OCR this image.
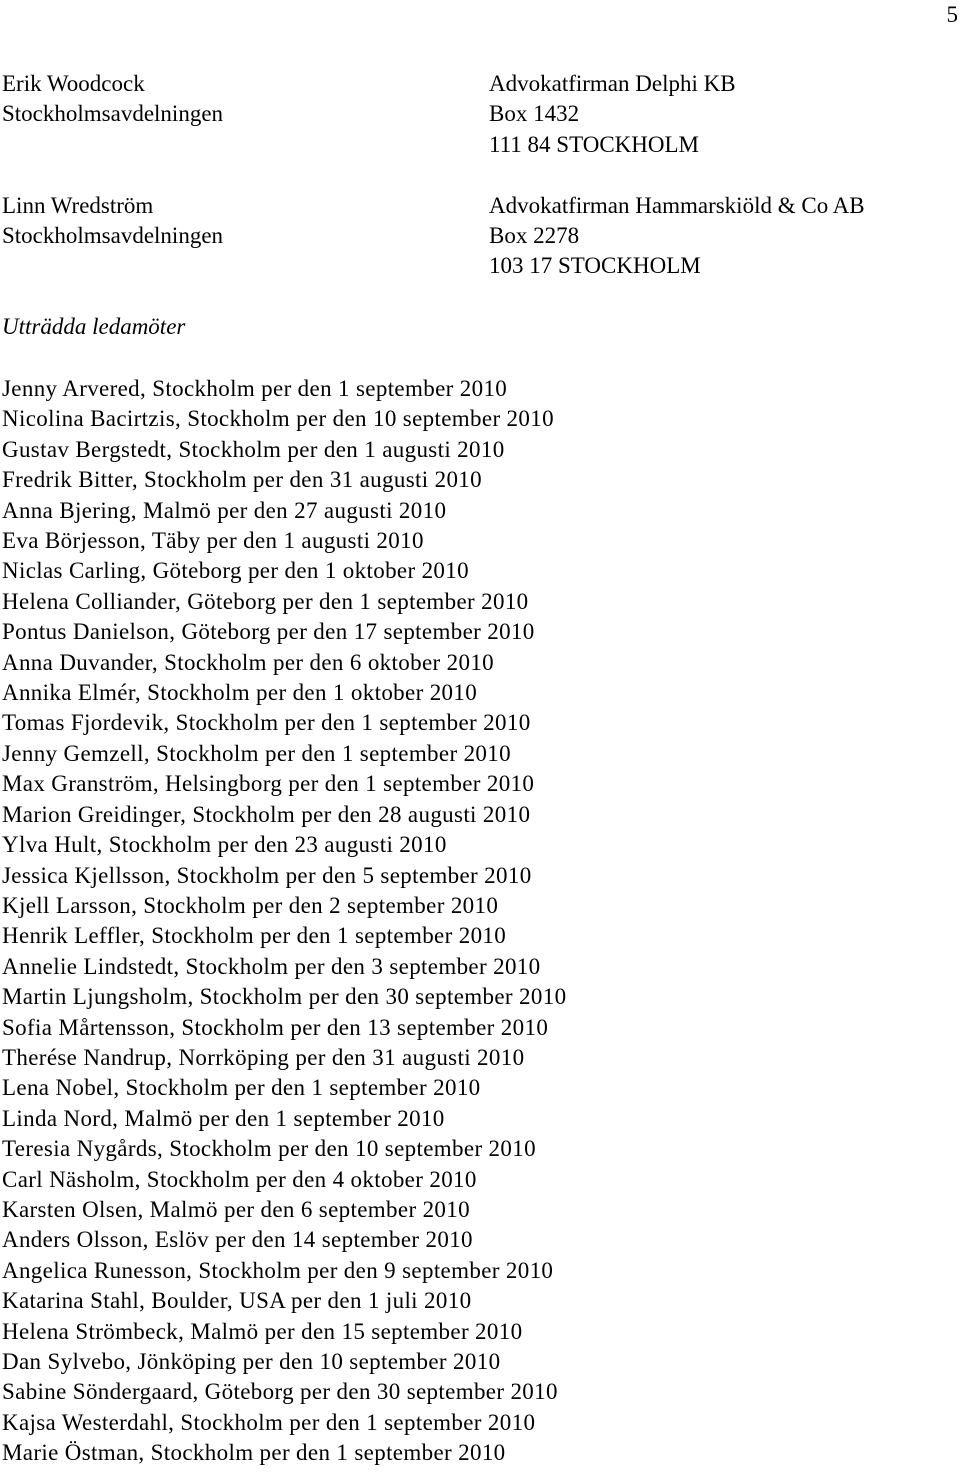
5
Erik Woodcock
Stockholmsavdelningen
Advokatfirman Delphi KB
Box 1432
111 84 STOCKHOLM
Linn Wredström
Stockholmsavdelningen
Advokatfirman Hammarskiöld & Co AB
Box 2278
103 17 STOCKHOLM
Utträdda ledamöter
Jenny Arvered, Stockholm per den 1 september 2010
Nicolina Bacirtzis, Stockholm per den 10 september 2010
Gustav Bergstedt, Stockholm per den 1 augusti 2010
Fredrik Bitter, Stockholm per den 31 augusti 2010
Anna Bjering, Malmö per den 27 augusti 2010
Eva Börjesson, Täby per den 1 augusti 2010
Niclas Carling, Göteborg per den 1 oktober 2010
Helena Colliander, Göteborg per den 1 september 2010
Pontus Danielson, Göteborg per den 17 september 2010
Anna Duvander, Stockholm per den 6 oktober 2010
Annika Elmér, Stockholm per den 1 oktober 2010
Tomas Fjordevik, Stockholm per den 1 september 2010
Jenny Gemzell, Stockholm per den 1 september 2010
Max Granström, Helsingborg per den 1 september 2010
Marion Greidinger, Stockholm per den 28 augusti 2010
Ylva Hult, Stockholm per den 23 augusti 2010
Jessica Kjellsson, Stockholm per den 5 september 2010
Kjell Larsson, Stockholm per den 2 september 2010
Henrik Leffler, Stockholm per den 1 september 2010
Annelie Lindstedt, Stockholm per den 3 september 2010
Martin Ljungsholm, Stockholm per den 30 september 2010
Sofia Mårtensson, Stockholm per den 13 september 2010
Therése Nandrup, Norrköping per den 31 augusti 2010
Lena Nobel, Stockholm per den 1 september 2010
Linda Nord, Malmö per den 1 september 2010
Teresia Nygårds, Stockholm per den 10 september 2010
Carl Näsholm, Stockholm per den 4 oktober 2010
Karsten Olsen, Malmö per den 6 september 2010
Anders Olsson, Eslöv per den 14 september 2010
Angelica Runesson, Stockholm per den 9 september 2010
Katarina Stahl, Boulder, USA per den 1 juli 2010
Helena Strömbeck, Malmö per den 15 september 2010
Dan Sylvebo, Jönköping per den 10 september 2010
Sabine Söndergaard, Göteborg per den 30 september 2010
Kajsa Westerdahl, Stockholm per den 1 september 2010
Marie Östman, Stockholm per den 1 september 2010
